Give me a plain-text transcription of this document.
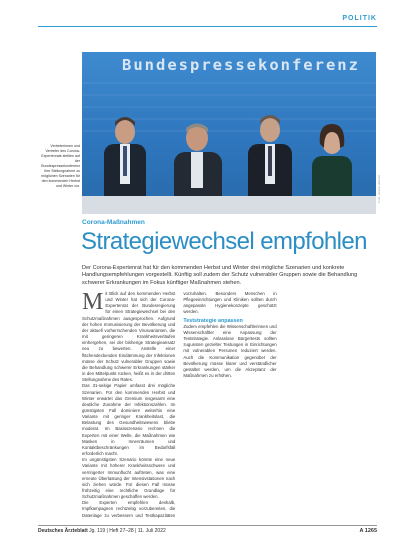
POLITIK
Bundespressekonferenz
Vertreterinnen und Vertreter des Corona-Expertenrats stellten auf der Bundespressekonferenz ihre Stellungnahme zu möglichen Szenarien für den kommenden Herbst und Winter vor.	Foto: picture alliance
Corona-Maßnahmen
Strategiewechsel empfohlen
Der Corona-Expertenrat hat für den kommenden Herbst und Winter drei mögliche Szenarien und konkrete Handlungsempfehlungen vorgestellt. Künftig soll zudem der Schutz vulnerabler Gruppen sowie die Behandlung schwerer Erkrankungen im Fokus künftiger Maßnahmen stehen.

Mit Blick auf den kommenden Herbst und Winter hat sich der Corona-Expertenrat der Bundesregierung für einen Strategiewechsel bei den Schutzmaßnahmen ausgesprochen. Aufgrund der hohen Immunisierung der Bevölkerung und der aktuell vorherrschenden Virusvarianten, die mit geringeren Krankheitsverläufen einhergehen, sei der bisherige Strategieansatz neu zu bewerten. Anstelle einer flächendeckenden Eindämmung der Infektionen müsse der Schutz vulnerabler Gruppen sowie die Behandlung schwerer Erkrankungen stärker in den Mittelpunkt rücken, heißt es in der dritten Stellungnahme des Rates.

Das 31-seitige Papier umfasst drei mögliche Szenarien. Für den kommenden Herbst und Winter erwartet das Gremium insgesamt eine deutliche Zunahme der Infektionszahlen. Im günstigsten Fall dominiere weiterhin eine Variante mit geringer Krankheitslast, die Belastung des Gesundheitswesens bliebe moderat. Im Basisszenario rechnen die Experten mit einer Welle, die Maßnahmen wie Masken in Innenräumen und Kontaktbeschränkungen im Bedarfsfall erforderlich macht.

Im ungünstigsten Szenario könnte eine neue Variante mit höherer Krankheitsschwere und verringerter Immunflucht auftreten, was eine erneute Überlastung der Intensivstationen nach sich ziehen würde. Für diesen Fall müsse frühzeitig eine rechtliche Grundlage für Schutzmaßnahmen geschaffen werden.

Die Experten empfehlen deshalb, Impfkampagnen rechtzeitig vorzubereiten, die Datenlage zu verbessern und Testkapazitäten vorzuhalten. Besonders Menschen in Pflegeeinrichtungen und Kliniken sollten durch angepasste Hygienekonzepte geschützt werden.

Teststrategie anpassen

Zudem empfehlen die Wissenschaftlerinnen und Wissenschaftler eine Anpassung der Teststrategie. Anlasslose Bürgertests sollten zugunsten gezielter Testungen in Einrichtungen mit vulnerablen Personen reduziert werden. Auch die Kommunikation gegenüber der Bevölkerung müsse klarer und verständlicher gestaltet werden, um die Akzeptanz der Maßnahmen zu erhöhen.

Deutsches Ärzteblatt Jg. 119 | Heft 27–28 | 11. Juli 2022	A 1265
